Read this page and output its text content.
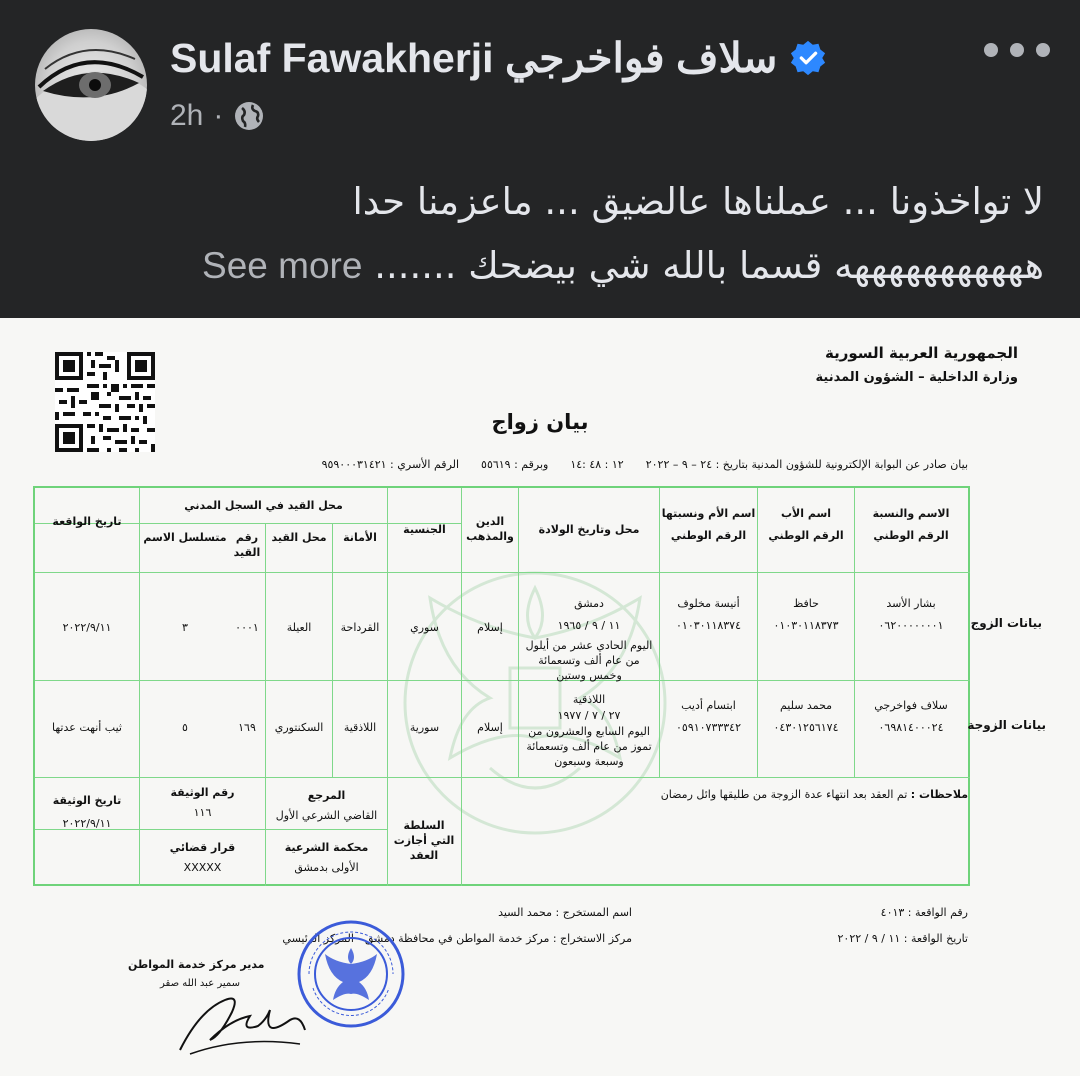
Sulaf Fawakherji سلاف فواخرجي
2h ·
لا تواخذونا ... عملناها عالضيق ... ماعزمنا حدا
هههههههههههه قسما بالله شي بيضحك ....... See more
الجمهورية العربية السورية
وزارة الداخلية – الشؤون المدنية
بيان زواج
بيان صادر عن البوابة الإلكترونية للشؤون المدنية بتاريخ : ٢٤ – ٩ – ٢٠٢٢
١٢ : ٤٨ :١٤
وبرقم : ٥٥٦١٩
الرقم الأسري : ٩٥٩٠٠٠٣١٤٢١
الاسم والنسبة
الرقم الوطني
اسم الأب
الرقم الوطني
اسم الأم ونسبتها
الرقم الوطني
محل وتاريخ الولادة
الدين والمذهب
الجنسية
محل القيد في السجل المدني
الأمانة
محل القيد
رقم القيد
متسلسل الاسم
تاريخ الواقعة
بشار الأسد
٠٦٢٠٠٠٠٠٠٠١
حافظ
٠١٠٣٠١١٨٣٧٣
أنيسة مخلوف
٠١٠٣٠١١٨٣٧٤
دمشق
١١ / ٩ / ١٩٦٥
اليوم الحادي عشر من أيلول
من عام ألف وتسعمائة
وخمس وستين
إسلام
سوري
القرداحة
العيلة
٠٠٠١
٣
٢٠٢٢/٩/١١
سلاف فواخرجي
٠٦٩٨١٤٠٠٠٢٤
محمد سليم
٠٤٣٠١٢٥٦١٧٤
ابتسام أديب
٠٥٩١٠٧٣٣٣٤٢
اللاذقية
٢٧ / ٧ / ١٩٧٧
اليوم السابع والعشرون من
تموز من عام ألف وتسعمائة
وسبعة وسبعون
إسلام
سورية
اللاذقية
السكنتوري
١٦٩
٥
ثيب أنهت عدتها
السلطة التي أجازت العقد
المرجع
القاضي الشرعي الأول
رقم الوثيقة
١١٦
تاريخ الوثيقة
٢٠٢٢/٩/١١
محكمة الشرعية
الأولى بدمشق
قرار قضائي
XXXXX
بيانات الزوج
بيانات الزوجة
ملاحظات : تم العقد بعد انتهاء عدة الزوجة من طليقها وائل رمضان
رقم الواقعة : ٤٠١٣
تاريخ الواقعة : ١١ / ٩ / ٢٠٢٢
اسم المستخرج : محمد السيد
مركز الاستخراج : مركز خدمة المواطن في محافظة دمشق - المركز الرئيسي
مدير مركز خدمة المواطن
سمير عبد الله صقر
